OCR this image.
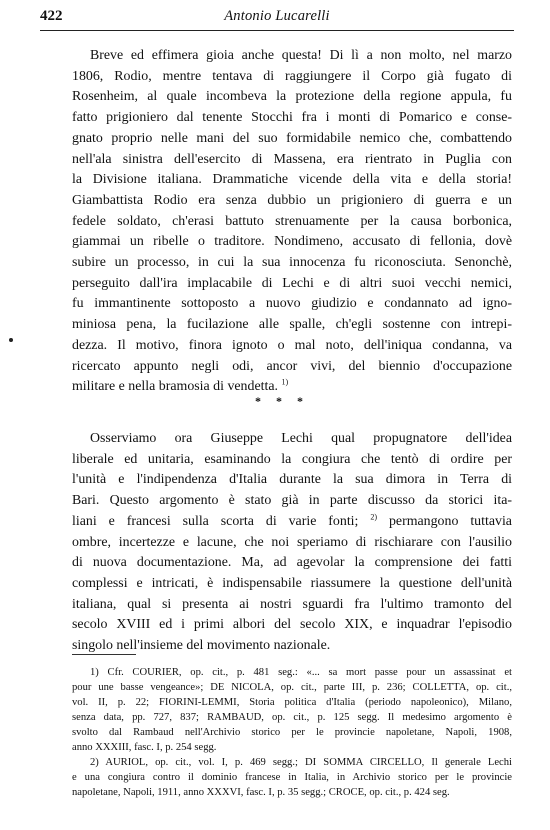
422	Antonio Lucarelli
Breve ed effimera gioia anche questa! Di lì a non molto, nel marzo
1806, Rodio, mentre tentava di raggiungere il Corpo già fugato di
Rosenheim, al quale incombeva la protezione della regione appula, fu
fatto prigioniero dal tenente Stocchi fra i monti di Pomarico e conse-
gnato proprio nelle mani del suo formidabile nemico che, combattendo
nell'ala sinistra dell'esercito di Massena, era rientrato in Puglia con
la Divisione italiana. Drammatiche vicende della vita e della storia!
Giambattista Rodio era senza dubbio un prigioniero di guerra e un
fedele soldato, ch'erasi battuto strenuamente per la causa borbonica,
giammai un ribelle o traditore. Nondimeno, accusato di fellonia, dovè
subire un processo, in cui la sua innocenza fu riconosciuta. Senonchè,
perseguito dall'ira implacabile di Lechi e di altri suoi vecchi nemici,
fu immantinente sottoposto a nuovo giudizio e condannato ad igno-
miniosa pena, la fucilazione alle spalle, ch'egli sostenne con intrepi-
dezza. Il motivo, finora ignoto o mal noto, dell'iniqua condanna, va
ricercato appunto negli odi, ancor vivi, del biennio d'occupazione
militare e nella bramosia di vendetta. $^{1)}$
* * *
Osserviamo ora Giuseppe Lechi qual propugnatore dell'idea
liberale ed unitaria, esaminando la congiura che tentò di ordire per
l'unità e l'indipendenza d'Italia durante la sua dimora in Terra di
Bari. Questo argomento è stato già in parte discusso da storici ita-
liani e francesi sulla scorta di varie fonti; $^{2)}$ permangono tuttavia
ombre, incertezze e lacune, che noi speriamo di rischiarare con l'ausilio
di nuova documentazione. Ma, ad agevolar la comprensione dei fatti
complessi e intricati, è indispensabile riassumere la questione dell'unità
italiana, qual si presenta ai nostri sguardi fra l'ultimo tramonto del
secolo XVIII ed i primi albori del secolo XIX, e inquadrar l'episodio
singolo nell'insieme del movimento nazionale.
1) Cfr. COURIER, op. cit., p. 481 seg.: «... sa mort passe pour un assassinat et
pour une basse vengeance»; DE NICOLA, op. cit., parte III, p. 236; COLLETTA, op. cit.,
vol. II, p. 22; FIORINI-LEMMI, Storia politica d'Italia (periodo napoleonico), Milano,
senza data, pp. 727, 837; RAMBAUD, op. cit., p. 125 segg. Il medesimo argomento è
svolto dal Rambaud nell'Archivio storico per le provincie napoletane, Napoli, 1908,
anno XXXIII, fasc. I, p. 254 segg.
2) AURIOL, op. cit., vol. I, p. 469 segg.; DI SOMMA CIRCELLO, Il generale Lechi
e una congiura contro il dominio francese in Italia, in Archivio storico per le provincie
napoletane, Napoli, 1911, anno XXXVI, fasc. I, p. 35 segg.; CROCE, op. cit., p. 424 seg.
